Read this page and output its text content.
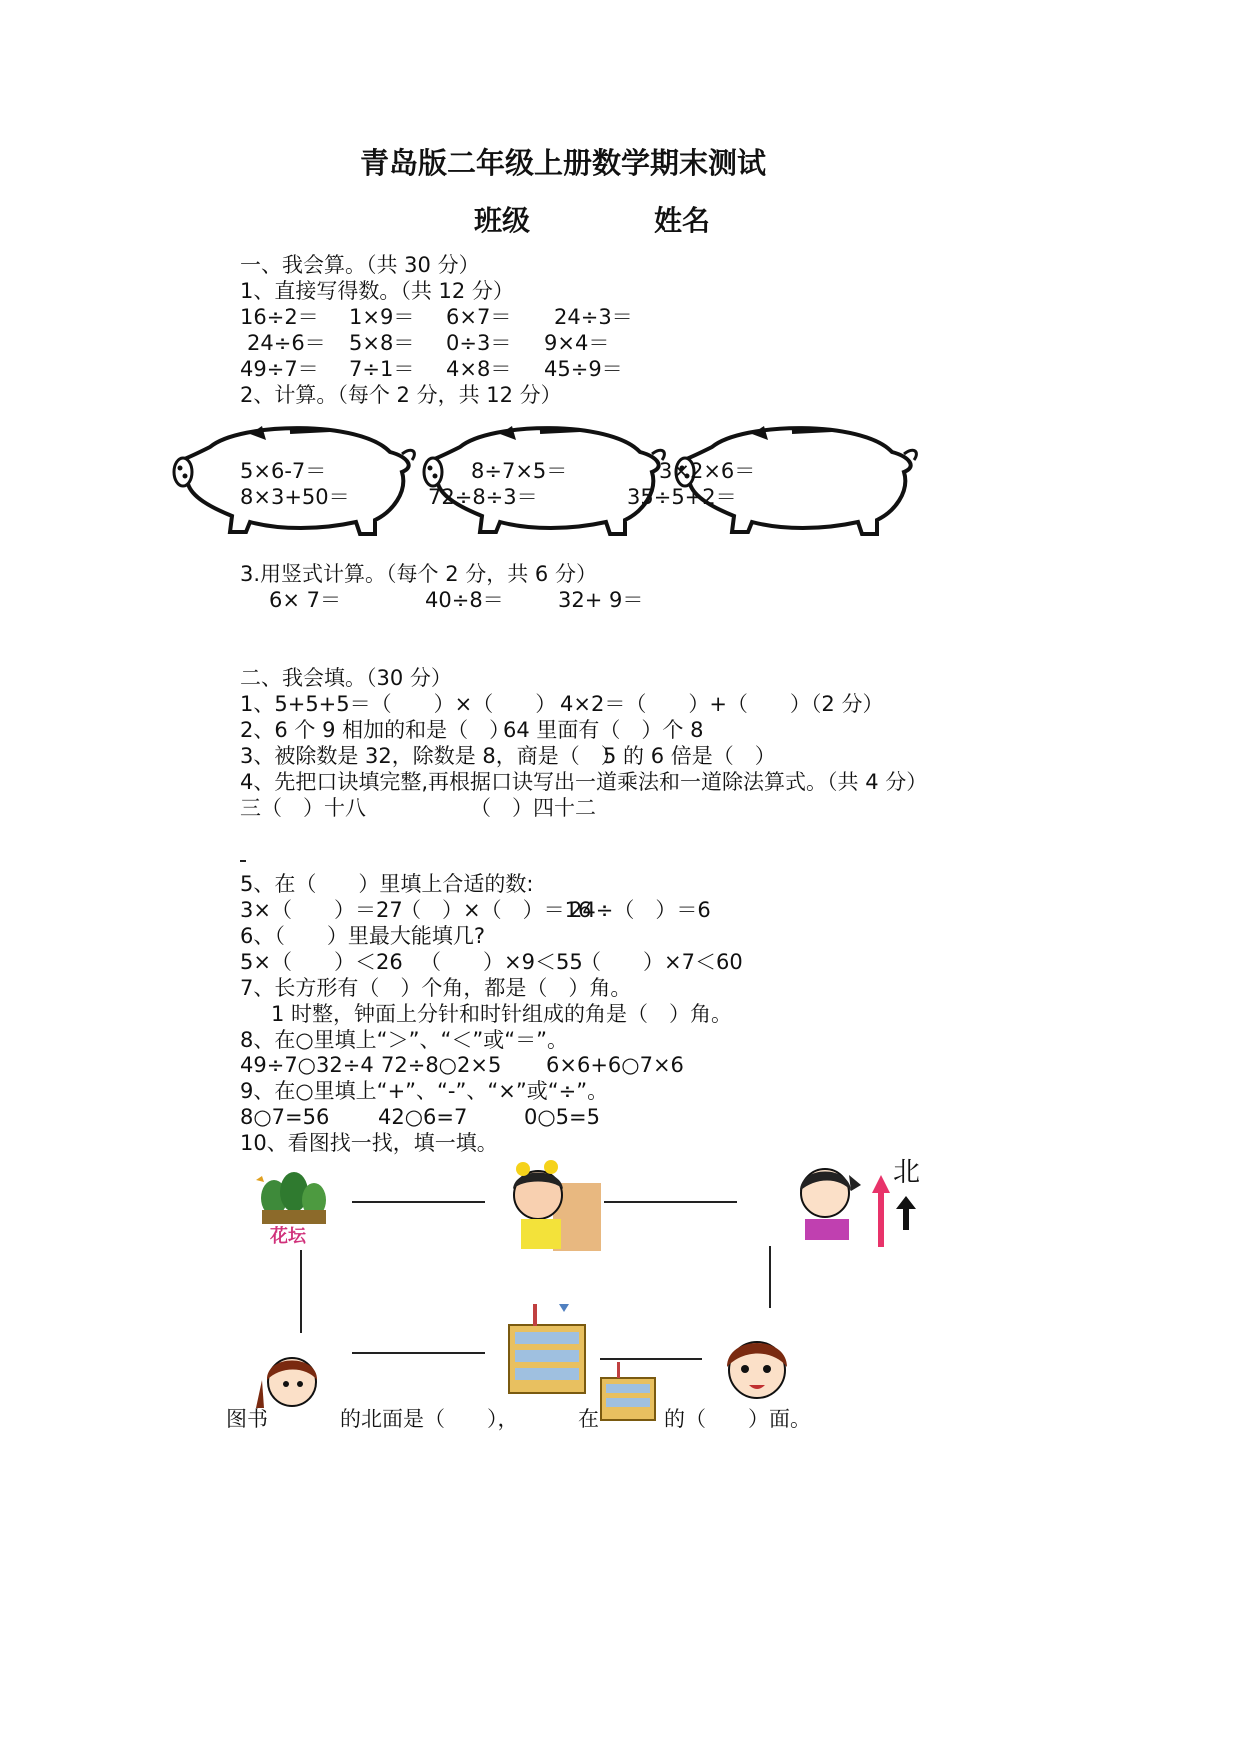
青岛版二年级上册数学期末测试
班级	姓名
一、我会算。（共 30 分）
1、直接写得数。（共 12 分）
16÷2＝ 1×9＝ 6×7＝ 24÷3＝
24÷6＝ 5×8＝ 0÷3＝ 9×4＝
49÷7＝ 7÷1＝ 4×8＝ 45÷9＝
2、计算。（每个 2 分，共 12 分）
5×6-7＝
8×3+50＝
8÷7×5＝
72÷8÷3＝
3×2×6＝
35÷5+2＝
3.用竖式计算。（每个 2 分，共 6 分）
6× 7＝	40÷8＝	32+ 9＝
二、我会填。（30 分）
1、5+5+5＝（　　）×（　　） 4×2＝（　　）+（　　）（2 分）
2、6 个 9 相加的和是（　）
64 里面有（　）个 8
3、被除数是 32，除数是 8，商是（　）
5 的 6 倍是（　）
4、先把口诀填完整,再根据口诀写出一道乘法和一道除法算式。（共 4 分）
三（　）十八	（　）四十二
5、在（　　）里填上合适的数:
3×（　　）＝27
（　）×（　）＝16
24÷（　）＝6
6、（　　）里最大能填几?
5×（　　）＜26 （　　）×9＜55
（　　）×7＜60
7、长方形有（　）个角，都是（　）角。
1 时整，钟面上分针和时针组成的角是（　）角。
8、在○里填上“＞”、“＜”或“＝”。
49÷7○32÷4 72÷8○2×5 6×6+6○7×6
9、在○里填上“+”、“-”、“×”或“÷”。
8○7=56 42○6=7	0○5=5
10、看图找一找，填一填。
花坛
北
图书	的北面是（　　），	在	的（　　）面。
